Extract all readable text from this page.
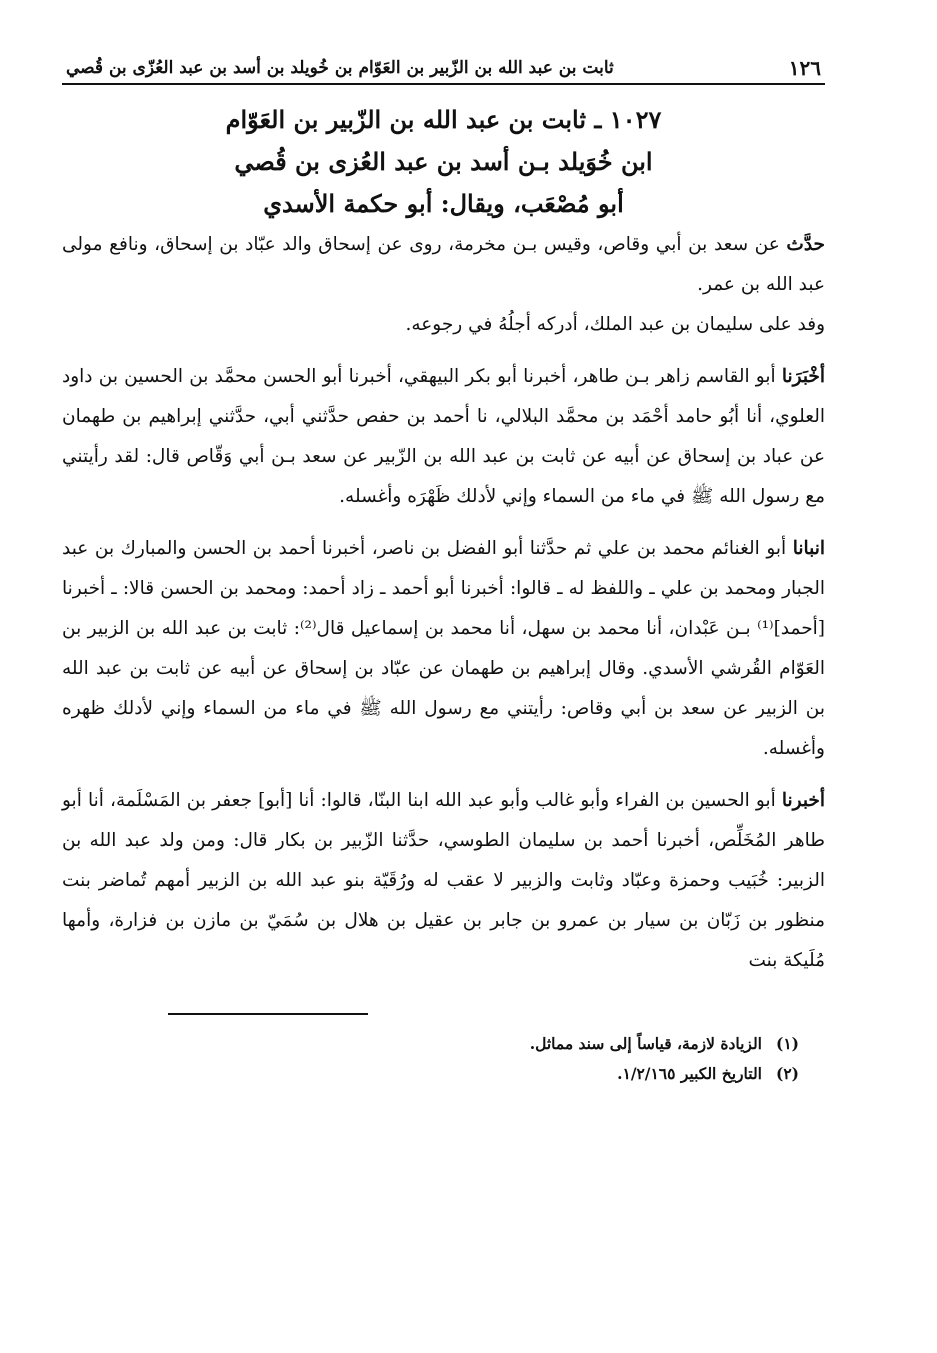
١٢٦
ثابت بن عبد الله بن الزّبير بن العَوّام بن خُويلد بن أسد بن عبد العُزّى بن قُصي
١٠٢٧ ـ ثابت بن عبد الله بن الزّبير بن العَوّام
ابن خُوَيلد بـن أسد بن عبد العُزى بن قُصي
أبو مُصْعَب، ويقال: أبو حكمة الأسدي

حدَّث عن سعد بن أبي وقاص، وقيس بـن مخرمة، روى عن إسحاق والد عبّاد بن إسحاق، ونافع مولى عبد الله بن عمر.

وفد على سليمان بن عبد الملك، أدركه أجلُهُ في رجوعه.

أخْبَرَنا أبو القاسم زاهر بـن طاهر، أخبرنا أبو بكر البيهقي، أخبرنا أبو الحسن محمَّد بن الحسين بن داود العلوي، أنا أبُو حامد أحْمَد بن محمَّد البلالي، نا أحمد بن حفص حدَّثني أبي، حدَّثني إبراهيم بن طهمان عن عباد بن إسحاق عن أبيه عن ثابت بن عبد الله بن الزّبير عن سعد بـن أبي وَقّاص قال: لقد رأيتني مع رسول الله ﷺ في ماء من السماء وإني لأدلك ظَهْرَه وأغسله.

انبانا أبو الغنائم محمد بن علي ثم حدَّثنا أبو الفضل بن ناصر، أخبرنا أحمد بن الحسن والمبارك بن عبد الجبار ومحمد بن علي ـ واللفظ له ـ قالوا: أخبرنا أبو أحمد ـ زاد أحمد: ومحمد بن الحسن قالا: ـ أخبرنا [أحمد]⁽¹⁾ بـن عَبْدان، أنا محمد بن سهل، أنا محمد بن إسماعيل قال⁽²⁾: ثابت بن عبد الله بن الزبير بن العَوّام القُرشي الأسدي. وقال إبراهيم بن طهمان عن عبّاد بن إسحاق عن أبيه عن ثابت بن عبد الله بن الزبير عن سعد بن أبي وقاص: رأيتني مع رسول الله ﷺ في ماء من السماء وإني لأدلك ظهره وأغسله.

أخبرنا أبو الحسين بن الفراء وأبو غالب وأبو عبد الله ابنا البنّا، قالوا: أنا [أبو] جعفر بن المَسْلَمة، أنا أبو طاهر المُخَلِّص، أخبرنا أحمد بن سليمان الطوسي، حدَّثنا الزّبير بن بكار قال: ومن ولد عبد الله بن الزبير: خُبَيب وحمزة وعبّاد وثابت والزبير لا عقب له ورُقَيّة بنو عبد الله بن الزبير أمهم تُماضر بنت منظور بن زَبّان بن سيار بن عمرو بن جابر بن عقيل بن هلال بن سُمَيّ بن مازن بن فزارة، وأمها مُلَيكة بنت

(١)
الزيادة لازمة، قياساً إلى سند مماثل.
(٢)
التاريخ الكبير ١/٢/١٦٥.
